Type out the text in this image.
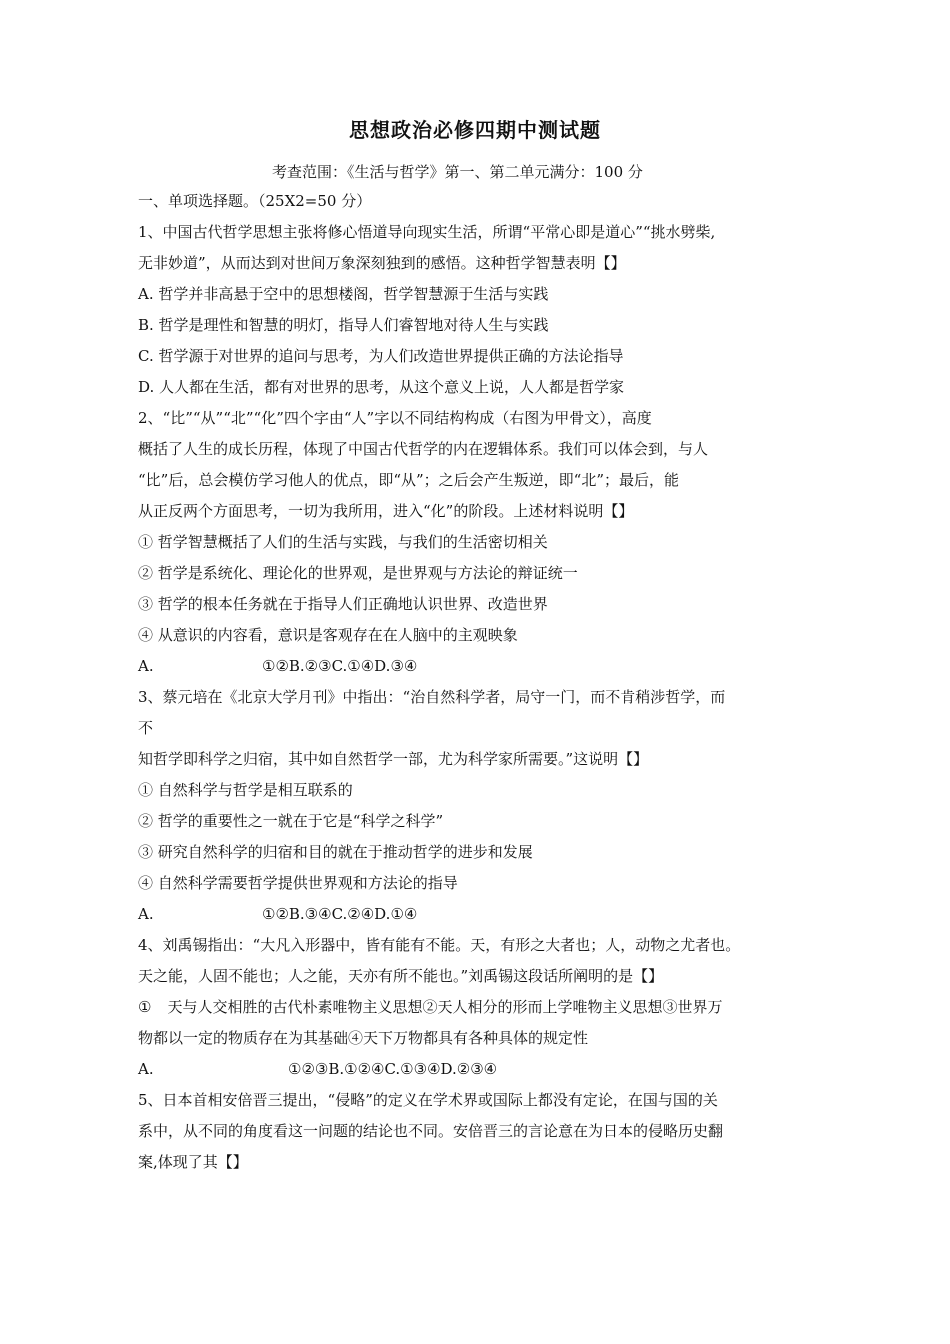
思想政治必修四期中测试题
考查范围：《生活与哲学》第一、第二单元满分：100 分
一、单项选择题。（25X2=50 分）
1、中国古代哲学思想主张将修心悟道导向现实生活，所谓“平常心即是道心”“挑水劈柴,
无非妙道”，从而达到对世间万象深刻独到的感悟。这种哲学智慧表明【】
A. 哲学并非高悬于空中的思想楼阁，哲学智慧源于生活与实践
B. 哲学是理性和智慧的明灯，指导人们睿智地对待人生与实践
C. 哲学源于对世界的追问与思考，为人们改造世界提供正确的方法论指导
D. 人人都在生活，都有对世界的思考，从这个意义上说，人人都是哲学家
2、“比”“从”“北”“化”四个字由“人”字以不同结构构成（右图为甲骨文），高度
概括了人生的成长历程，体现了中国古代哲学的内在逻辑体系。我们可以体会到，与人
“比”后，总会模仿学习他人的优点，即“从”；之后会产生叛逆，即“北”；最后，能
从正反两个方面思考，一切为我所用，进入“化”的阶段。上述材料说明【】
① 哲学智慧概括了人们的生活与实践，与我们的生活密切相关
② 哲学是系统化、理论化的世界观，是世界观与方法论的辩证统一
③ 哲学的根本任务就在于指导人们正确地认识世界、改造世界
④ 从意识的内容看，意识是客观存在在人脑中的主观映象
A.	①②B.②③C.①④D.③④
3、蔡元培在《北京大学月刊》中指出：“治自然科学者，局守一门，而不肯稍涉哲学，而
不
知哲学即科学之归宿，其中如自然哲学一部，尤为科学家所需要。”这说明【】
① 自然科学与哲学是相互联系的
② 哲学的重要性之一就在于它是“科学之科学”
③ 研究自然科学的归宿和目的就在于推动哲学的进步和发展
④ 自然科学需要哲学提供世界观和方法论的指导
A.	①②B.③④C.②④D.①④
4、刘禹锡指出：“大凡入形器中，皆有能有不能。天，有形之大者也；人，动物之尤者也。
天之能，人固不能也；人之能，天亦有所不能也。”刘禹锡这段话所阐明的是【】
① 天与人交相胜的古代朴素唯物主义思想②天人相分的形而上学唯物主义思想③世界万
物都以一定的物质存在为其基础④天下万物都具有各种具体的规定性
A.	①②③B.①②④C.①③④D.②③④
5、日本首相安倍晋三提出，“侵略”的定义在学术界或国际上都没有定论，在国与国的关
系中，从不同的角度看这一问题的结论也不同。安倍晋三的言论意在为日本的侵略历史翻
案,体现了其【】
